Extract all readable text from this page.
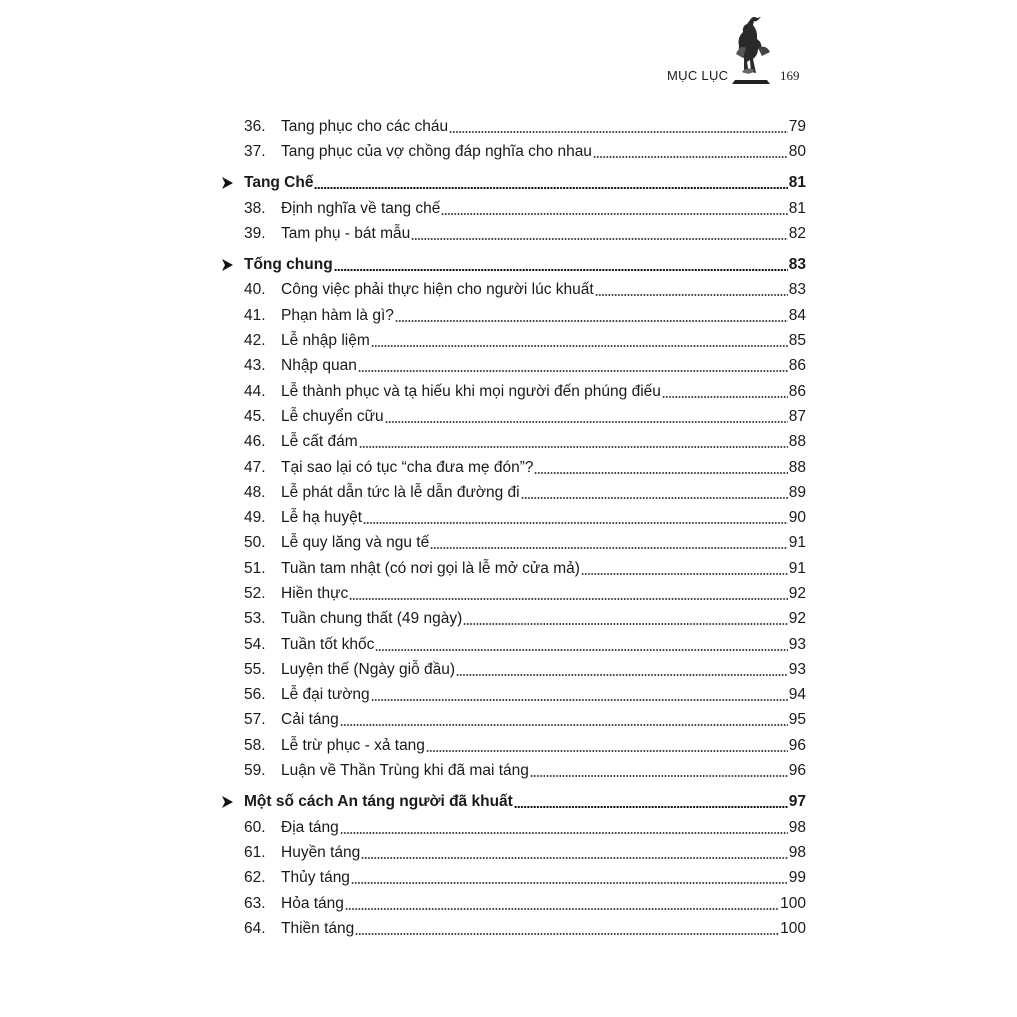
MỤC LỤC	169
36. Tang phục cho các cháu	79
37. Tang phục của vợ chồng đáp nghĩa cho nhau	80
Tang Chế	81
38. Định nghĩa về tang chế	81
39. Tam phụ - bát mẫu	82
Tống chung	83
40. Công việc phải thực hiện cho người lúc khuất	83
41. Phạn hàm là gì?	84
42. Lễ nhập liệm	85
43. Nhập quan	86
44. Lễ thành phục và tạ hiếu khi mọi người đến phúng điếu	86
45. Lễ chuyển cữu	87
46. Lễ cất đám	88
47. Tại sao lại có tục “cha đưa mẹ đón”?	88
48. Lễ phát dẫn tức là lễ dẫn đường đi	89
49. Lễ hạ huyệt	90
50. Lễ quy lăng và ngu tế	91
51. Tuần tam nhật (có nơi gọi là lễ mở cửa mả)	91
52. Hiền thực	92
53. Tuần chung thất (49 ngày)	92
54. Tuần tốt khốc	93
55. Luyện thế (Ngày giỗ đầu)	93
56. Lễ đại tường	94
57. Cải táng	95
58. Lễ trừ phục - xả tang	96
59. Luận về Thần Trùng khi đã mai táng	96
Một số cách An táng người đã khuất	97
60. Địa táng	98
61. Huyền táng	98
62. Thủy táng	99
63. Hỏa táng	100
64. Thiền táng	100
